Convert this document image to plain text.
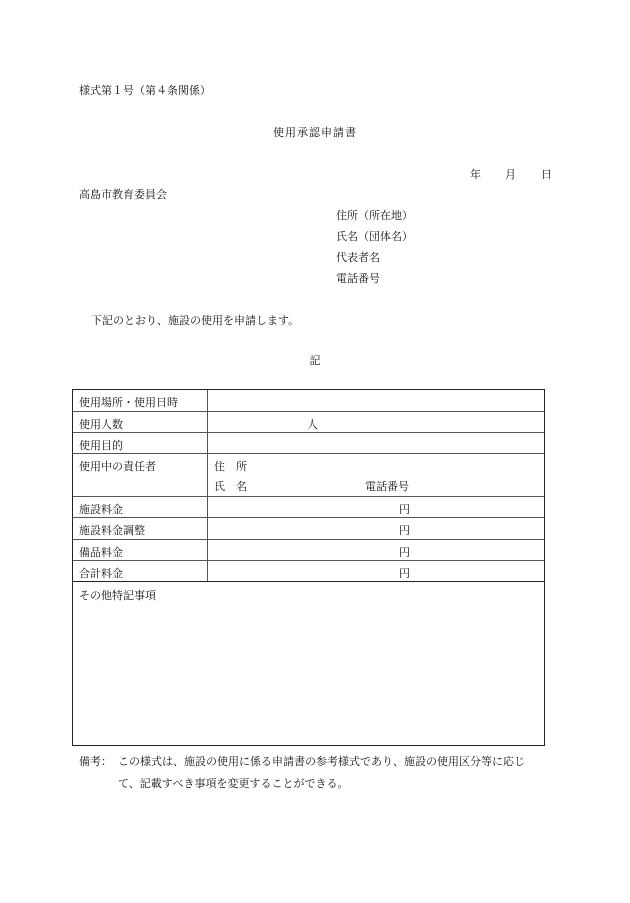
様式第１号（第４条関係）
使用承認申請書
年 月 日
高島市教育委員会
住所（所在地）
氏名（団体名）
代表者名
電話番号
下記のとおり、施設の使用を申請します。
記
使用場所・使用日時
使用人数	人
使用目的
使用中の責任者	住　所
氏　名	電話番号
施設料金	円
施設料金調整	円
備品料金	円
合計料金	円
その他特記事項
備考： この様式は、施設の使用に係る申請書の参考様式であり、施設の使用区分等に応じ
て、記載すべき事項を変更することができる。
